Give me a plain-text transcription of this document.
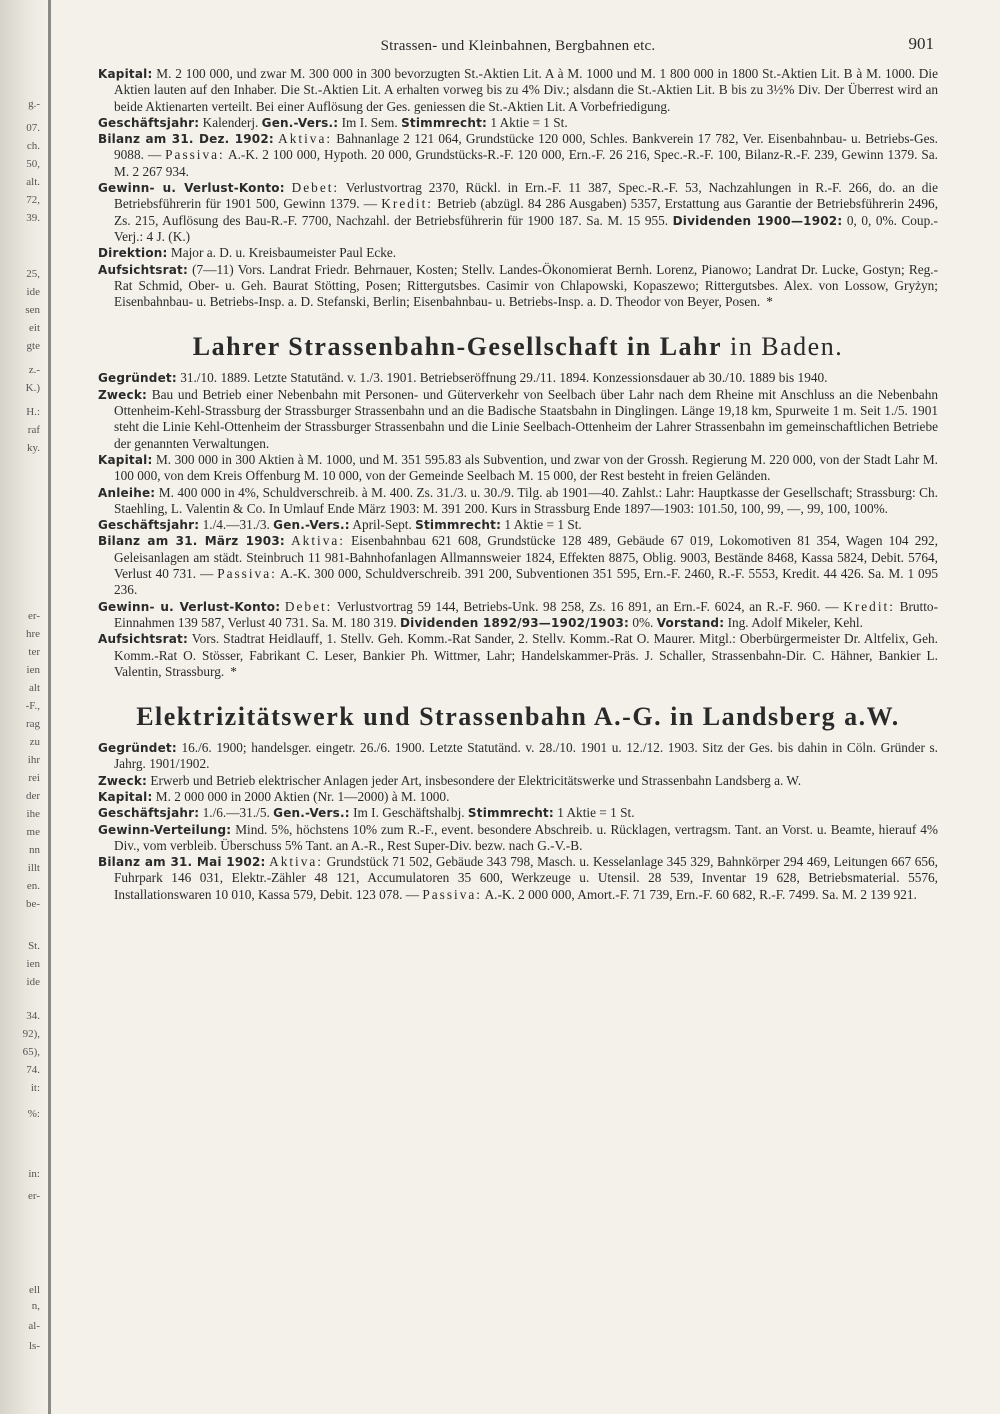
g.-
07.
ch.
50,
alt.
72,
39.
25,
ide
sen
eit
gte
z.-
K.)
H.:
raf
ky.
er-
hre
ter
ien
alt
-F.,
rag
zu
ihr
rei
der
ihe
me
nn
illt
en.
be-
St.
ien
ide
34.
92),
65),
74.
it:
%:
in:
er-
ell
n,
al-
ls-
Strassen- und Kleinbahnen, Bergbahnen etc.	901

Kapital: M. 2 100 000, und zwar M. 300 000 in 300 bevorzugten St.-Aktien Lit. A à M. 1000 und M. 1 800 000 in 1800 St.-Aktien Lit. B à M. 1000. Die Aktien lauten auf den Inhaber. Die St.-Aktien Lit. A erhalten vorweg bis zu 4% Div.; alsdann die St.-Aktien Lit. B bis zu 3½% Div. Der Überrest wird an beide Aktienarten verteilt. Bei einer Auflösung der Ges. geniessen die St.-Aktien Lit. A Vorbefriedigung.

Geschäftsjahr: Kalenderj. Gen.-Vers.: Im I. Sem. Stimmrecht: 1 Aktie = 1 St.

Bilanz am 31. Dez. 1902: Aktiva: Bahnanlage 2 121 064, Grundstücke 120 000, Schles. Bankverein 17 782, Ver. Eisenbahnbau- u. Betriebs-Ges. 9088. — Passiva: A.-K. 2 100 000, Hypoth. 20 000, Grundstücks-R.-F. 120 000, Ern.-F. 26 216, Spec.-R.-F. 100, Bilanz-R.-F. 239, Gewinn 1379. Sa. M. 2 267 934.

Gewinn- u. Verlust-Konto: Debet: Verlustvortrag 2370, Rückl. in Ern.-F. 11 387, Spec.-R.-F. 53, Nachzahlungen in R.-F. 266, do. an die Betriebsführerin für 1901 500, Gewinn 1379. — Kredit: Betrieb (abzügl. 84 286 Ausgaben) 5357, Erstattung aus Garantie der Betriebsführerin 2496, Zs. 215, Auflösung des Bau-R.-F. 7700, Nachzahl. der Betriebsführerin für 1900 187. Sa. M. 15 955. Dividenden 1900—1902: 0, 0, 0%. Coup.-Verj.: 4 J. (K.)

Direktion: Major a. D. u. Kreisbaumeister Paul Ecke.

Aufsichtsrat: (7—11) Vors. Landrat Friedr. Behrnauer, Kosten; Stellv. Landes-Ökonomierat Bernh. Lorenz, Pianowo; Landrat Dr. Lucke, Gostyn; Reg.-Rat Schmid, Ober- u. Geh. Baurat Stötting, Posen; Rittergutsbes. Casimir von Chlapowski, Kopaszewo; Rittergutsbes. Alex. von Lossow, Gryżyn; Eisenbahnbau- u. Betriebs-Insp. a. D. Stefanski, Berlin; Eisenbahnbau- u. Betriebs-Insp. a. D. Theodor von Beyer, Posen. *

Lahrer Strassenbahn-Gesellschaft in Lahr in Baden.

Gegründet: 31./10. 1889. Letzte Statutänd. v. 1./3. 1901. Betriebseröffnung 29./11. 1894. Konzessionsdauer ab 30./10. 1889 bis 1940.

Zweck: Bau und Betrieb einer Nebenbahn mit Personen- und Güterverkehr von Seelbach über Lahr nach dem Rheine mit Anschluss an die Nebenbahn Ottenheim-Kehl-Strassburg der Strassburger Strassenbahn und an die Badische Staatsbahn in Dinglingen. Länge 19,18 km, Spurweite 1 m. Seit 1./5. 1901 steht die Linie Kehl-Ottenheim der Strassburger Strassenbahn und die Linie Seelbach-Ottenheim der Lahrer Strassenbahn im gemeinschaftlichen Betriebe der genannten Verwaltungen.

Kapital: M. 300 000 in 300 Aktien à M. 1000, und M. 351 595.83 als Subvention, und zwar von der Grossh. Regierung M. 220 000, von der Stadt Lahr M. 100 000, von dem Kreis Offenburg M. 10 000, von der Gemeinde Seelbach M. 15 000, der Rest besteht in freien Geländen.

Anleihe: M. 400 000 in 4%, Schuldverschreib. à M. 400. Zs. 31./3. u. 30./9. Tilg. ab 1901—40. Zahlst.: Lahr: Hauptkasse der Gesellschaft; Strassburg: Ch. Staehling, L. Valentin & Co. In Umlauf Ende März 1903: M. 391 200. Kurs in Strassburg Ende 1897—1903: 101.50, 100, 99, —, 99, 100, 100%.

Geschäftsjahr: 1./4.—31./3. Gen.-Vers.: April-Sept. Stimmrecht: 1 Aktie = 1 St.

Bilanz am 31. März 1903: Aktiva: Eisenbahnbau 621 608, Grundstücke 128 489, Gebäude 67 019, Lokomotiven 81 354, Wagen 104 292, Geleisanlagen am städt. Steinbruch 11 981-Bahnhofanlagen Allmannsweier 1824, Effekten 8875, Oblig. 9003, Bestände 8468, Kassa 5824, Debit. 5764, Verlust 40 731. — Passiva: A.-K. 300 000, Schuldverschreib. 391 200, Subventionen 351 595, Ern.-F. 2460, R.-F. 5553, Kredit. 44 426. Sa. M. 1 095 236.

Gewinn- u. Verlust-Konto: Debet: Verlustvortrag 59 144, Betriebs-Unk. 98 258, Zs. 16 891, an Ern.-F. 6024, an R.-F. 960. — Kredit: Brutto-Einnahmen 139 587, Verlust 40 731. Sa. M. 180 319. Dividenden 1892/93—1902/1903: 0%. Vorstand: Ing. Adolf Mikeler, Kehl.

Aufsichtsrat: Vors. Stadtrat Heidlauff, 1. Stellv. Geh. Komm.-Rat Sander, 2. Stellv. Komm.-Rat O. Maurer. Mitgl.: Oberbürgermeister Dr. Altfelix, Geh. Komm.-Rat O. Stösser, Fabrikant C. Leser, Bankier Ph. Wittmer, Lahr; Handelskammer-Präs. J. Schaller, Strassenbahn-Dir. C. Hähner, Bankier L. Valentin, Strassburg. *

Elektrizitätswerk und Strassenbahn A.-G. in Landsberg a.W.

Gegründet: 16./6. 1900; handelsger. eingetr. 26./6. 1900. Letzte Statutänd. v. 28./10. 1901 u. 12./12. 1903. Sitz der Ges. bis dahin in Cöln. Gründer s. Jahrg. 1901/1902.

Zweck: Erwerb und Betrieb elektrischer Anlagen jeder Art, insbesondere der Elektricitätswerke und Strassenbahn Landsberg a. W.

Kapital: M. 2 000 000 in 2000 Aktien (Nr. 1—2000) à M. 1000.

Geschäftsjahr: 1./6.—31./5. Gen.-Vers.: Im I. Geschäftshalbj. Stimmrecht: 1 Aktie = 1 St.

Gewinn-Verteilung: Mind. 5%, höchstens 10% zum R.-F., event. besondere Abschreib. u. Rücklagen, vertragsm. Tant. an Vorst. u. Beamte, hierauf 4% Div., vom verbleib. Überschuss 5% Tant. an A.-R., Rest Super-Div. bezw. nach G.-V.-B.

Bilanz am 31. Mai 1902: Aktiva: Grundstück 71 502, Gebäude 343 798, Masch. u. Kesselanlage 345 329, Bahnkörper 294 469, Leitungen 667 656, Fuhrpark 146 031, Elektr.-Zähler 48 121, Accumulatoren 35 600, Werkzeuge u. Utensil. 28 539, Inventar 19 628, Betriebsmaterial. 5576, Installationswaren 10 010, Kassa 579, Debit. 123 078. — Passiva: A.-K. 2 000 000, Amort.-F. 71 739, Ern.-F. 60 682, R.-F. 7499. Sa. M. 2 139 921.
